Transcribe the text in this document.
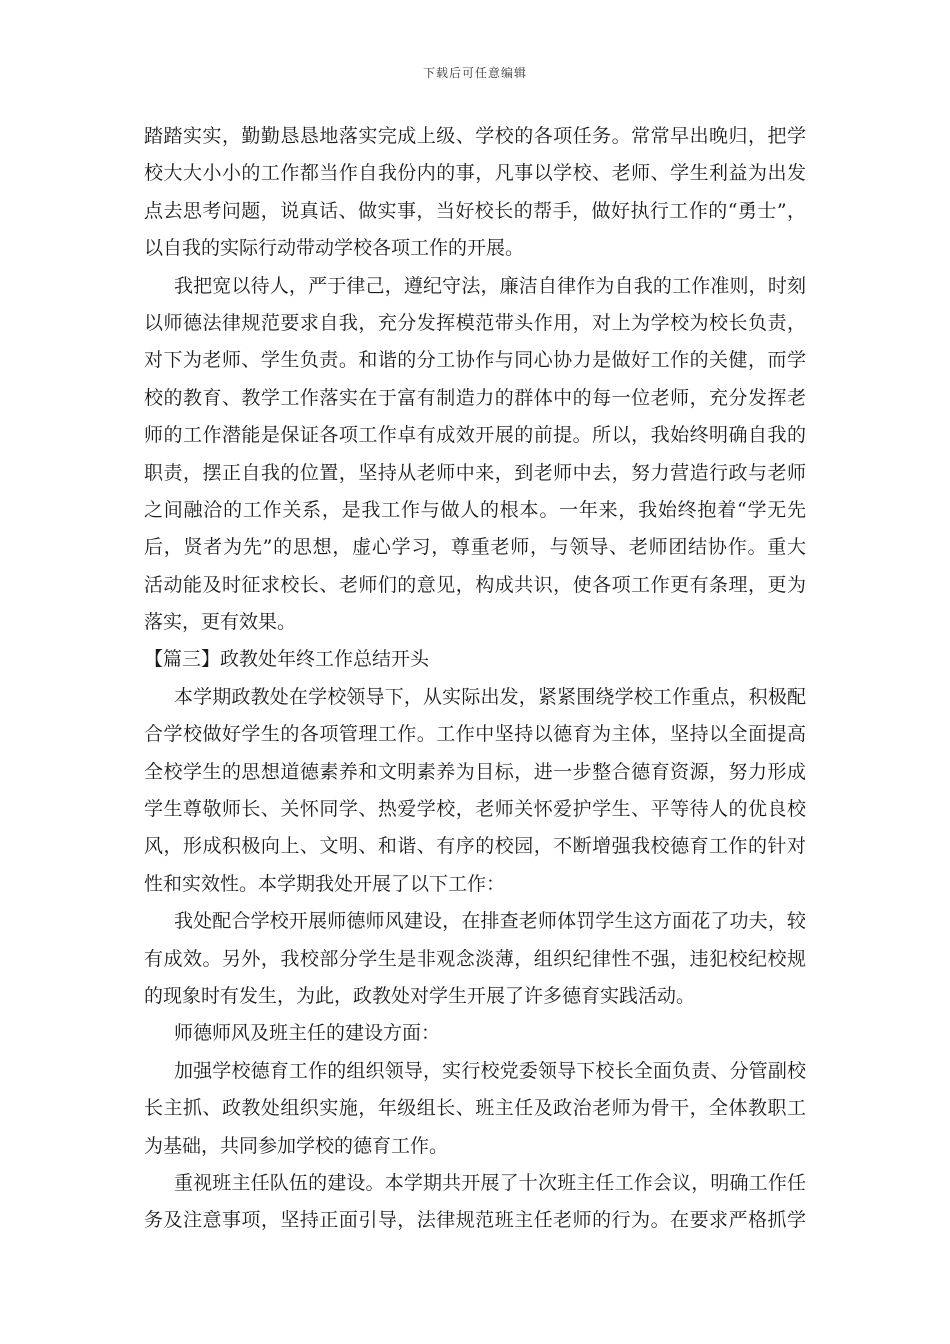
下载后可任意编辑
踏踏实实，勤勤恳恳地落实完成上级、学校的各项任务。常常早出晚归，把学
校大大小小的工作都当作自我份内的事，凡事以学校、老师、学生利益为出发
点去思考问题，说真话、做实事，当好校长的帮手，做好执行工作的“勇士”，
以自我的实际行动带动学校各项工作的开展。
我把宽以待人，严于律己，遵纪守法，廉洁自律作为自我的工作准则，时刻
以师德法律规范要求自我，充分发挥模范带头作用，对上为学校为校长负责，
对下为老师、学生负责。和谐的分工协作与同心协力是做好工作的关健，而学
校的教育、教学工作落实在于富有制造力的群体中的每一位老师，充分发挥老
师的工作潜能是保证各项工作卓有成效开展的前提。所以，我始终明确自我的
职责，摆正自我的位置，坚持从老师中来，到老师中去，努力营造行政与老师
之间融洽的工作关系，是我工作与做人的根本。一年来，我始终抱着“学无先
后，贤者为先”的思想，虚心学习，尊重老师，与领导、老师团结协作。重大
活动能及时征求校长、老师们的意见，构成共识，使各项工作更有条理，更为
落实，更有效果。
【篇三】政教处年终工作总结开头
本学期政教处在学校领导下，从实际出发，紧紧围绕学校工作重点，积极配
合学校做好学生的各项管理工作。工作中坚持以德育为主体，坚持以全面提高
全校学生的思想道德素养和文明素养为目标，进一步整合德育资源，努力形成
学生尊敬师长、关怀同学、热爱学校，老师关怀爱护学生、平等待人的优良校
风，形成积极向上、文明、和谐、有序的校园，不断增强我校德育工作的针对
性和实效性。本学期我处开展了以下工作：
我处配合学校开展师德师风建设，在排查老师体罚学生这方面花了功夫，较
有成效。另外，我校部分学生是非观念淡薄，组织纪律性不强，违犯校纪校规
的现象时有发生，为此，政教处对学生开展了许多德育实践活动。
师德师风及班主任的建设方面：
加强学校德育工作的组织领导，实行校党委领导下校长全面负责、分管副校
长主抓、政教处组织实施，年级组长、班主任及政治老师为骨干，全体教职工
为基础，共同参加学校的德育工作。
重视班主任队伍的建设。本学期共开展了十次班主任工作会议，明确工作任
务及注意事项，坚持正面引导，法律规范班主任老师的行为。在要求严格抓学
